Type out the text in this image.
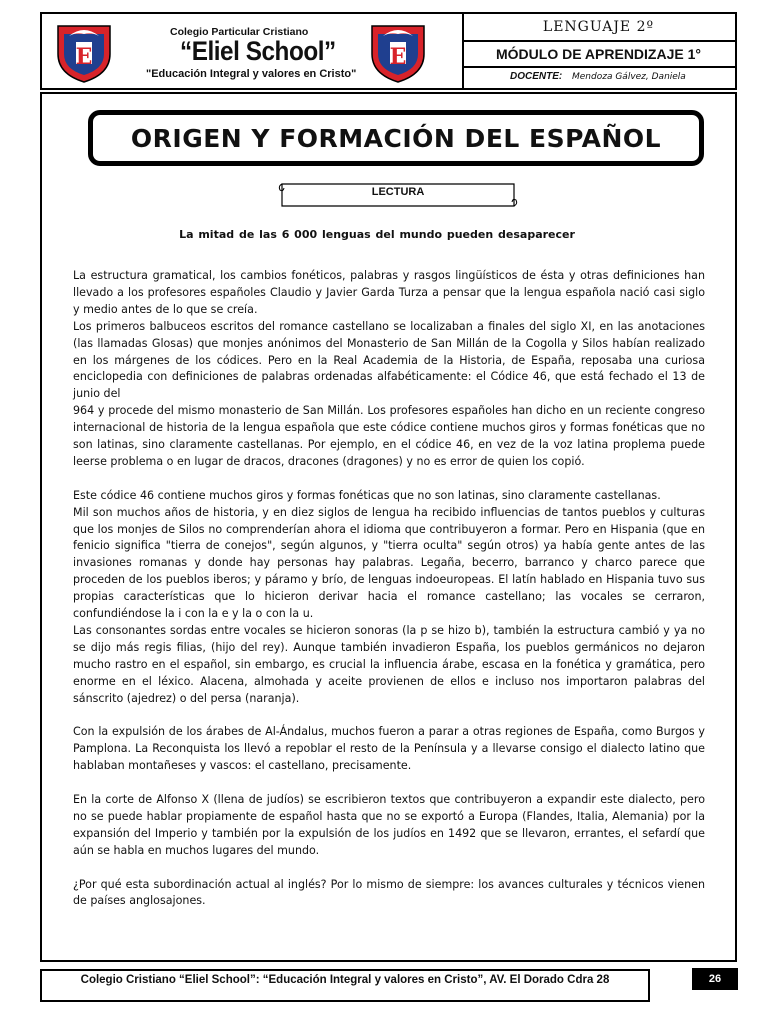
E
Colegio Particular Cristiano
“Eliel School”
"Educación Integral y valores en Cristo"
E
LENGUAJE 2º
MÓDULO DE APRENDIZAJE 1°
DOCENTE: Mendoza Gálvez, Daniela
ORIGEN Y FORMACIÓN DEL ESPAÑOL
LECTURA
La mitad de las 6 000 lenguas del mundo pueden desaparecer

La estructura gramatical, los cambios fonéticos, palabras y rasgos lingüísticos de ésta y otras definiciones han llevado a los profesores españoles Claudio y Javier Garda Turza a pensar que la lengua española nació casi siglo y medio antes de lo que se creía.

Los primeros balbuceos escritos del romance castellano se localizaban a finales del siglo XI, en las anotaciones (las llamadas Glosas) que monjes anónimos del Monasterio de San Millán de la Cogolla y Silos habían realizado en los márgenes de los códices. Pero en la Real Academia de la Historia, de España, reposaba una curiosa enciclopedia con definiciones de palabras ordenadas alfabéticamente: el Códice 46, que está fechado el 13 de junio del

964 y procede del mismo monasterio de San Millán. Los profesores españoles han dicho en un reciente congreso internacional de historia de la lengua española que este códice contiene muchos giros y formas fonéticas que no son latinas, sino claramente castellanas. Por ejemplo, en el códice 46, en vez de la voz latina proplema puede leerse problema o en lugar de dracos, dracones (dragones) y no es error de quien los copió.

Este códice 46 contiene muchos giros y formas fonéticas que no son latinas, sino claramente castellanas.

Mil son muchos años de historia, y en diez siglos de lengua ha recibido influencias de tantos pueblos y culturas que los monjes de Silos no comprenderían ahora el idioma que contribuyeron a formar. Pero en Hispania (que en fenicio significa "tierra de conejos", según algunos, y "tierra oculta" según otros) ya había gente antes de las invasiones romanas y donde hay personas hay palabras. Legaña, becerro, barranco y charco parece que proceden de los pueblos iberos; y páramo y brío, de lenguas indoeuropeas. El latín hablado en Hispania tuvo sus propias características que lo hicieron derivar hacia el romance castellano; las vocales se cerraron, confundiéndose la i con la e y la o con la u.

Las consonantes sordas entre vocales se hicieron sonoras (la p se hizo b), también la estructura cambió y ya no se dijo más regis filias, (hijo del rey). Aunque también invadieron España, los pueblos germánicos no dejaron mucho rastro en el español, sin embargo, es crucial la influencia árabe, escasa en la fonética y gramática, pero enorme en el léxico. Alacena, almohada y aceite provienen de ellos e incluso nos importaron palabras del sánscrito (ajedrez) o del persa (naranja).

Con la expulsión de los árabes de Al-Ándalus, muchos fueron a parar a otras regiones de España, como Burgos y Pamplona. La Reconquista los llevó a repoblar el resto de la Península y a llevarse consigo el dialecto latino que hablaban montañeses y vascos: el castellano, precisamente.

En la corte de Alfonso X (llena de judíos) se escribieron textos que contribuyeron a expandir este dialecto, pero no se puede hablar propiamente de español hasta que no se exportó a Europa (Flandes, Italia, Alemania) por la expansión del Imperio y también por la expulsión de los judíos en 1492 que se llevaron, errantes, el sefardí que aún se habla en muchos lugares del mundo.

¿Por qué esta subordinación actual al inglés? Por lo mismo de siempre: los avances culturales y técnicos vienen de países anglosajones.

Colegio Cristiano “Eliel School”: “Educación Integral y valores en Cristo”, AV. El Dorado Cdra 28	26
